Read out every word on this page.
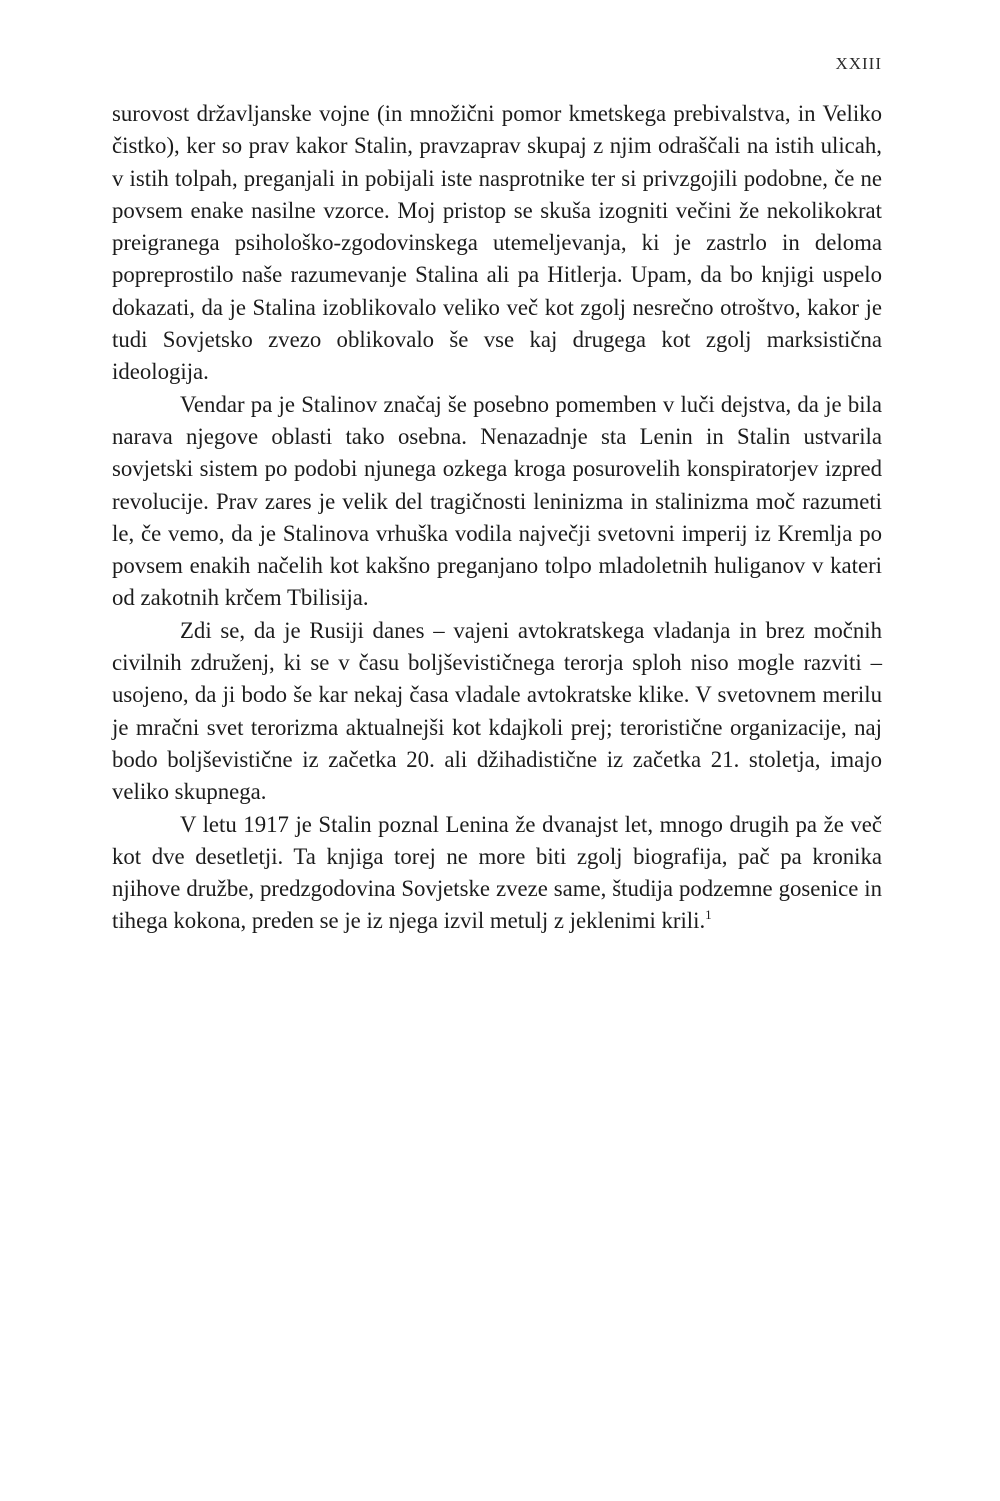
XXIII

surovost državljanske vojne (in množični pomor kmetskega prebivalstva, in Veliko čistko), ker so prav kakor Stalin, pravzaprav skupaj z njim odraščali na istih ulicah, v istih tolpah, preganjali in pobijali iste nasprotnike ter si privzgojili podobne, če ne povsem enake nasilne vzorce. Moj pristop se skuša izogniti večini že nekolikokrat preigranega psihološko-zgodovinskega utemeljevanja, ki je zastrlo in deloma popreprostilo naše razumevanje Stalina ali pa Hitlerja. Upam, da bo knjigi uspelo dokazati, da je Stalina izoblikovalo veliko več kot zgolj nesrečno otroštvo, kakor je tudi Sovjetsko zvezo oblikovalo še vse kaj drugega kot zgolj marksistična ideologija.

Vendar pa je Stalinov značaj še posebno pomemben v luči dejstva, da je bila narava njegove oblasti tako osebna. Nenazadnje sta Lenin in Stalin ustvarila sovjetski sistem po podobi njunega ozkega kroga posurovelih konspiratorjev izpred revolucije. Prav zares je velik del tragičnosti leninizma in stalinizma moč razumeti le, če vemo, da je Stalinova vrhuška vodila največji svetovni imperij iz Kremlja po povsem enakih načelih kot kakšno preganjano tolpo mladoletnih huliganov v kateri od zakotnih krčem Tbilisija.

Zdi se, da je Rusiji danes – vajeni avtokratskega vladanja in brez močnih civilnih združenj, ki se v času boljševističnega terorja sploh niso mogle razviti – usojeno, da ji bodo še kar nekaj časa vladale avtokratske klike. V svetovnem merilu je mračni svet terorizma aktualnejši kot kdajkoli prej; teroristične organizacije, naj bodo boljševistične iz začetka 20. ali džihadistične iz začetka 21. stoletja, imajo veliko skupnega.

V letu 1917 je Stalin poznal Lenina že dvanajst let, mnogo drugih pa že več kot dve desetletji. Ta knjiga torej ne more biti zgolj biografija, pač pa kronika njihove družbe, predzgodovina Sovjetske zveze same, študija podzemne gosenice in tihega kokona, preden se je iz njega izvil metulj z jeklenimi krili.$^1$
